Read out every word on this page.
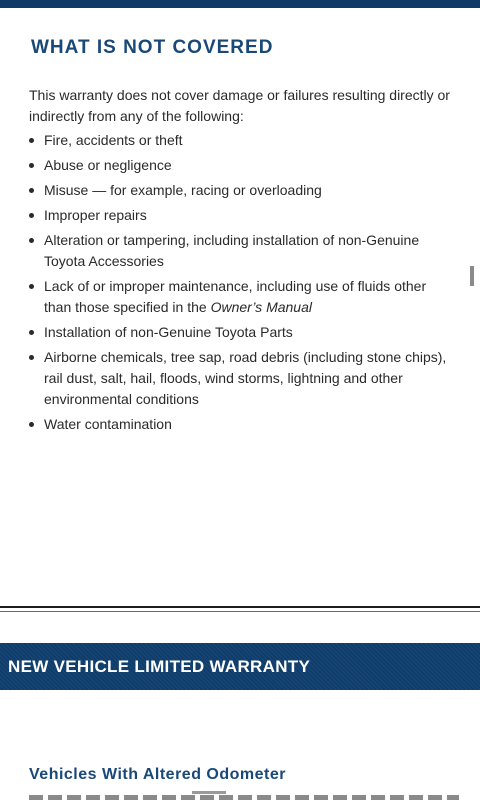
WHAT IS NOT COVERED

This warranty does not cover damage or failures resulting directly or indirectly from any of the following:

Fire, accidents or theft
Abuse or negligence
Misuse — for example, racing or overloading
Improper repairs
Alteration or tampering, including installation of non-Genuine Toyota Accessories
Lack of or improper maintenance, including use of fluids other than those specified in the Owner’s Manual
Installation of non-Genuine Toyota Parts
Airborne chemicals, tree sap, road debris (including stone chips), rail dust, salt, hail, floods, wind storms, lightning and other environmental conditions
Water contamination
NEW VEHICLE LIMITED WARRANTY
Vehicles With Altered Odometer
